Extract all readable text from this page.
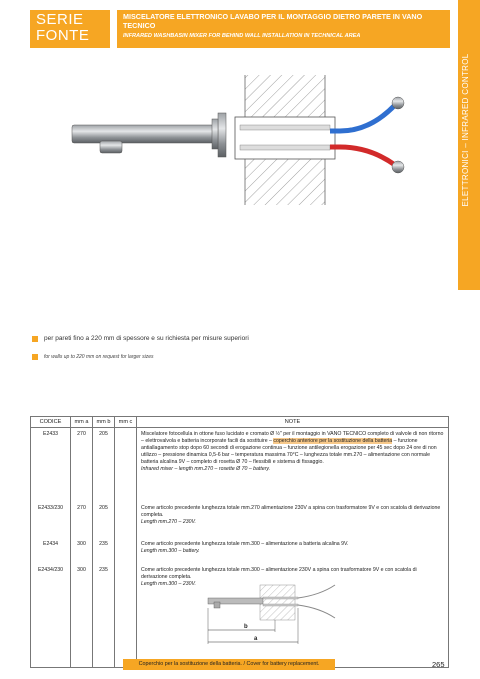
SERIE
FONTE
MISCELATORE ELETTRONICO LAVABO PER IL MONTAGGIO DIETRO PARETE IN VANO TECNICO
INFRARED WASHBASIN MIXER FOR BEHIND WALL INSTALLATION IN TECHNICAL AREA
ELETTRONICI – INFRARED CONTROL
per pareti fino a 220 mm di spessore e su richiesta per misure superiori
for walls up to 220 mm on request for larger sizes
CODICE	mm a	mm b	mm c	NOTE
E2433	270	205		Miscelatore fotocellula in ottone fuso lucidato e cromato Ø ½" per il montaggio in VANO TECNICO completo di valvole di non ritorno – elettrovalvola e batteria incorporate facili da sostituire – coperchio anteriore per la sostituzione della batteria – funzione antiallagamento stop dopo 60 secondi di erogazione continua – funzione antilegionella erogazione per 45 sec dopo 24 ore di non utilizzo – pressione dinamica 0,5-6 bar – temperatura massima 70°C – lunghezza totale mm.270 – alimentazione con normale batteria alcalina 9V – completo di rosetta Ø 70 – flessibili e sistema di fissaggio.
Infrared mixer – length mm.270 – rosette Ø 70 – battery.
E2433/230	270	205		Come articolo precedente lunghezza totale mm.270 alimentazione 230V a spina con trasformatore 9V e con scatola di derivazione completa.
Length mm.270 – 230V.
E2434	300	235		Come articolo precedente lunghezza totale mm.300 – alimentazione a batteria alcalina 9V.
Length mm.300 – battery.
E2434/230	300	235		Come articolo precedente lunghezza totale mm.300 – alimentazione 230V a spina con trasformatore 9V e con scatola di derivazione completa.
Length mm.300 – 230V.
b
a
Coperchio per la sostituzione della batteria. / Cover for battery replacement.	265
